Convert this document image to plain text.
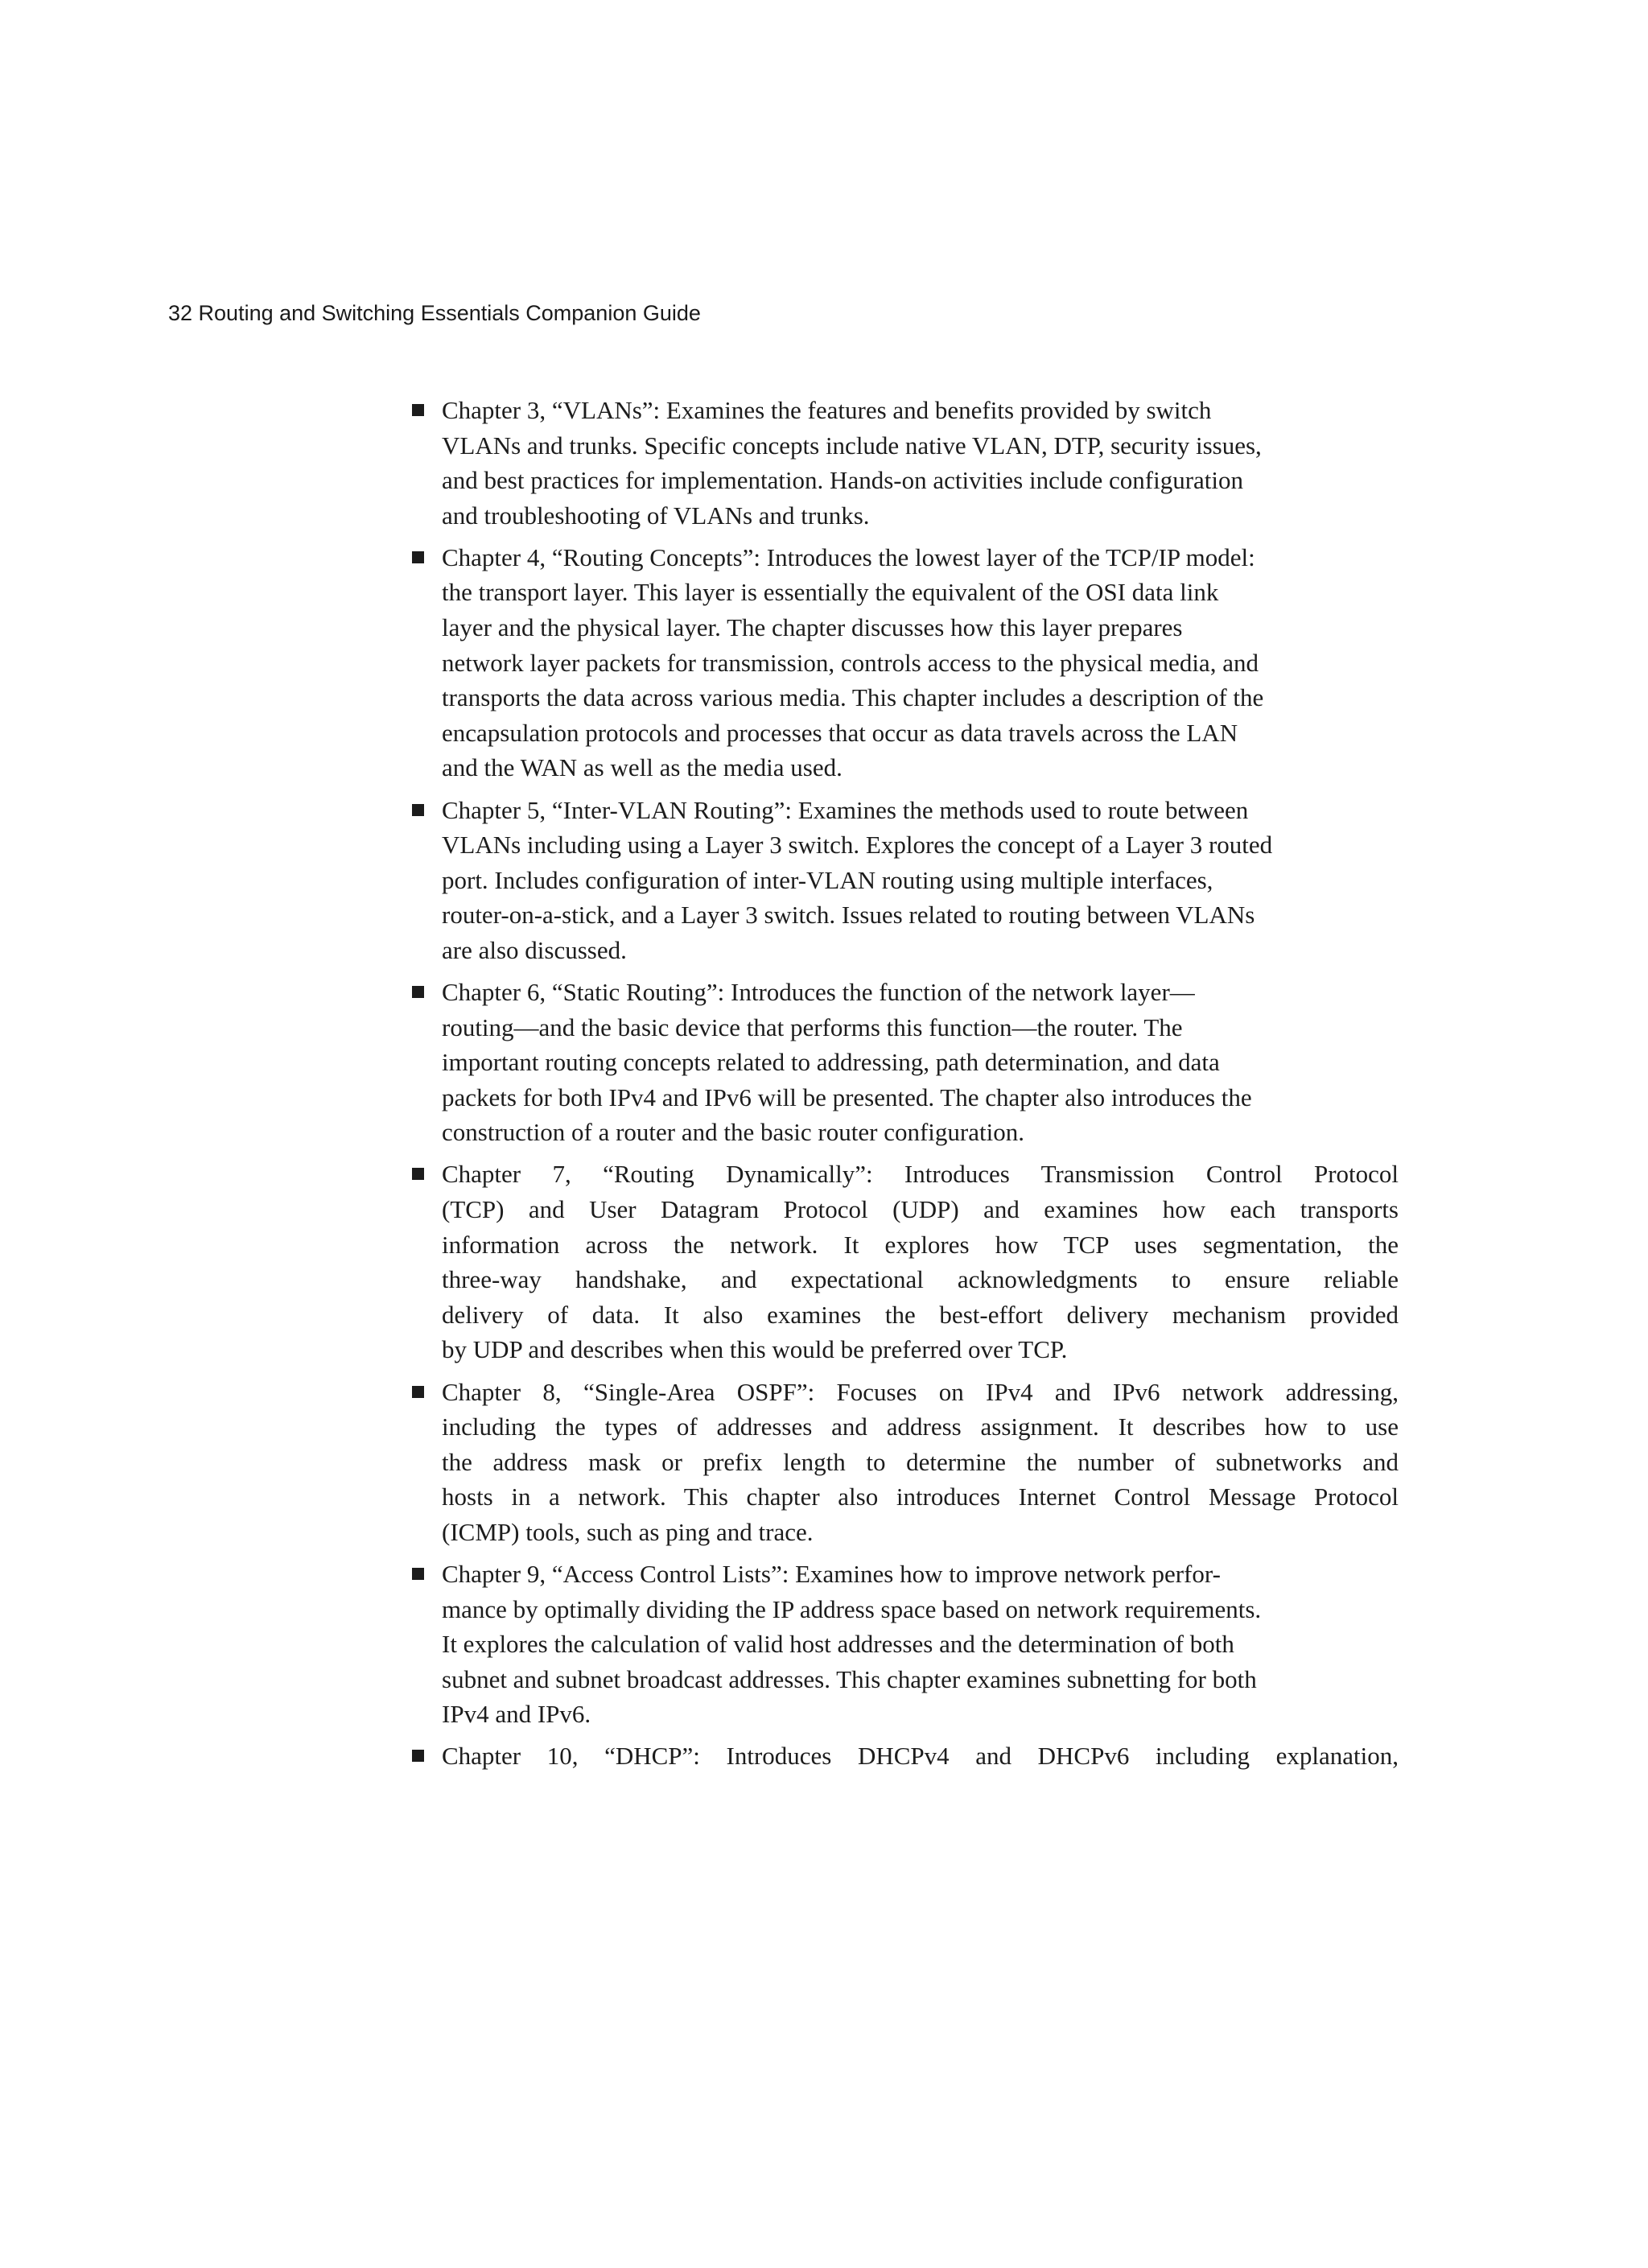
32 Routing and Switching Essentials Companion Guide
Chapter 3, “VLANs”: Examines the features and benefits provided by switch
VLANs and trunks. Specific concepts include native VLAN, DTP, security issues,
and best practices for implementation. Hands-on activities include configuration
and troubleshooting of VLANs and trunks.
Chapter 4, “Routing Concepts”: Introduces the lowest layer of the TCP/IP model:
the transport layer. This layer is essentially the equivalent of the OSI data link
layer and the physical layer. The chapter discusses how this layer prepares
network layer packets for transmission, controls access to the physical media, and
transports the data across various media. This chapter includes a description of the
encapsulation protocols and processes that occur as data travels across the LAN
and the WAN as well as the media used.
Chapter 5, “Inter-VLAN Routing”: Examines the methods used to route between
VLANs including using a Layer 3 switch. Explores the concept of a Layer 3 routed
port. Includes configuration of inter-VLAN routing using multiple interfaces,
router-on-a-stick, and a Layer 3 switch. Issues related to routing between VLANs
are also discussed.
Chapter 6, “Static Routing”: Introduces the function of the network layer—
routing—and the basic device that performs this function—the router. The
important routing concepts related to addressing, path determination, and data
packets for both IPv4 and IPv6 will be presented. The chapter also introduces the
construction of a router and the basic router configuration.
Chapter 7, “Routing Dynamically”: Introduces Transmission Control Protocol
(TCP) and User Datagram Protocol (UDP) and examines how each transports
information across the network. It explores how TCP uses segmentation, the
three-way handshake, and expectational acknowledgments to ensure reliable
delivery of data. It also examines the best-effort delivery mechanism provided
by UDP and describes when this would be preferred over TCP.
Chapter 8, “Single-Area OSPF”: Focuses on IPv4 and IPv6 network addressing,
including the types of addresses and address assignment. It describes how to use
the address mask or prefix length to determine the number of subnetworks and
hosts in a network. This chapter also introduces Internet Control Message Protocol
(ICMP) tools, such as ping and trace.
Chapter 9, “Access Control Lists”: Examines how to improve network perfor-
mance by optimally dividing the IP address space based on network requirements.
It explores the calculation of valid host addresses and the determination of both
subnet and subnet broadcast addresses. This chapter examines subnetting for both
IPv4 and IPv6.
Chapter 10, “DHCP”: Introduces DHCPv4 and DHCPv6 including explanation,
